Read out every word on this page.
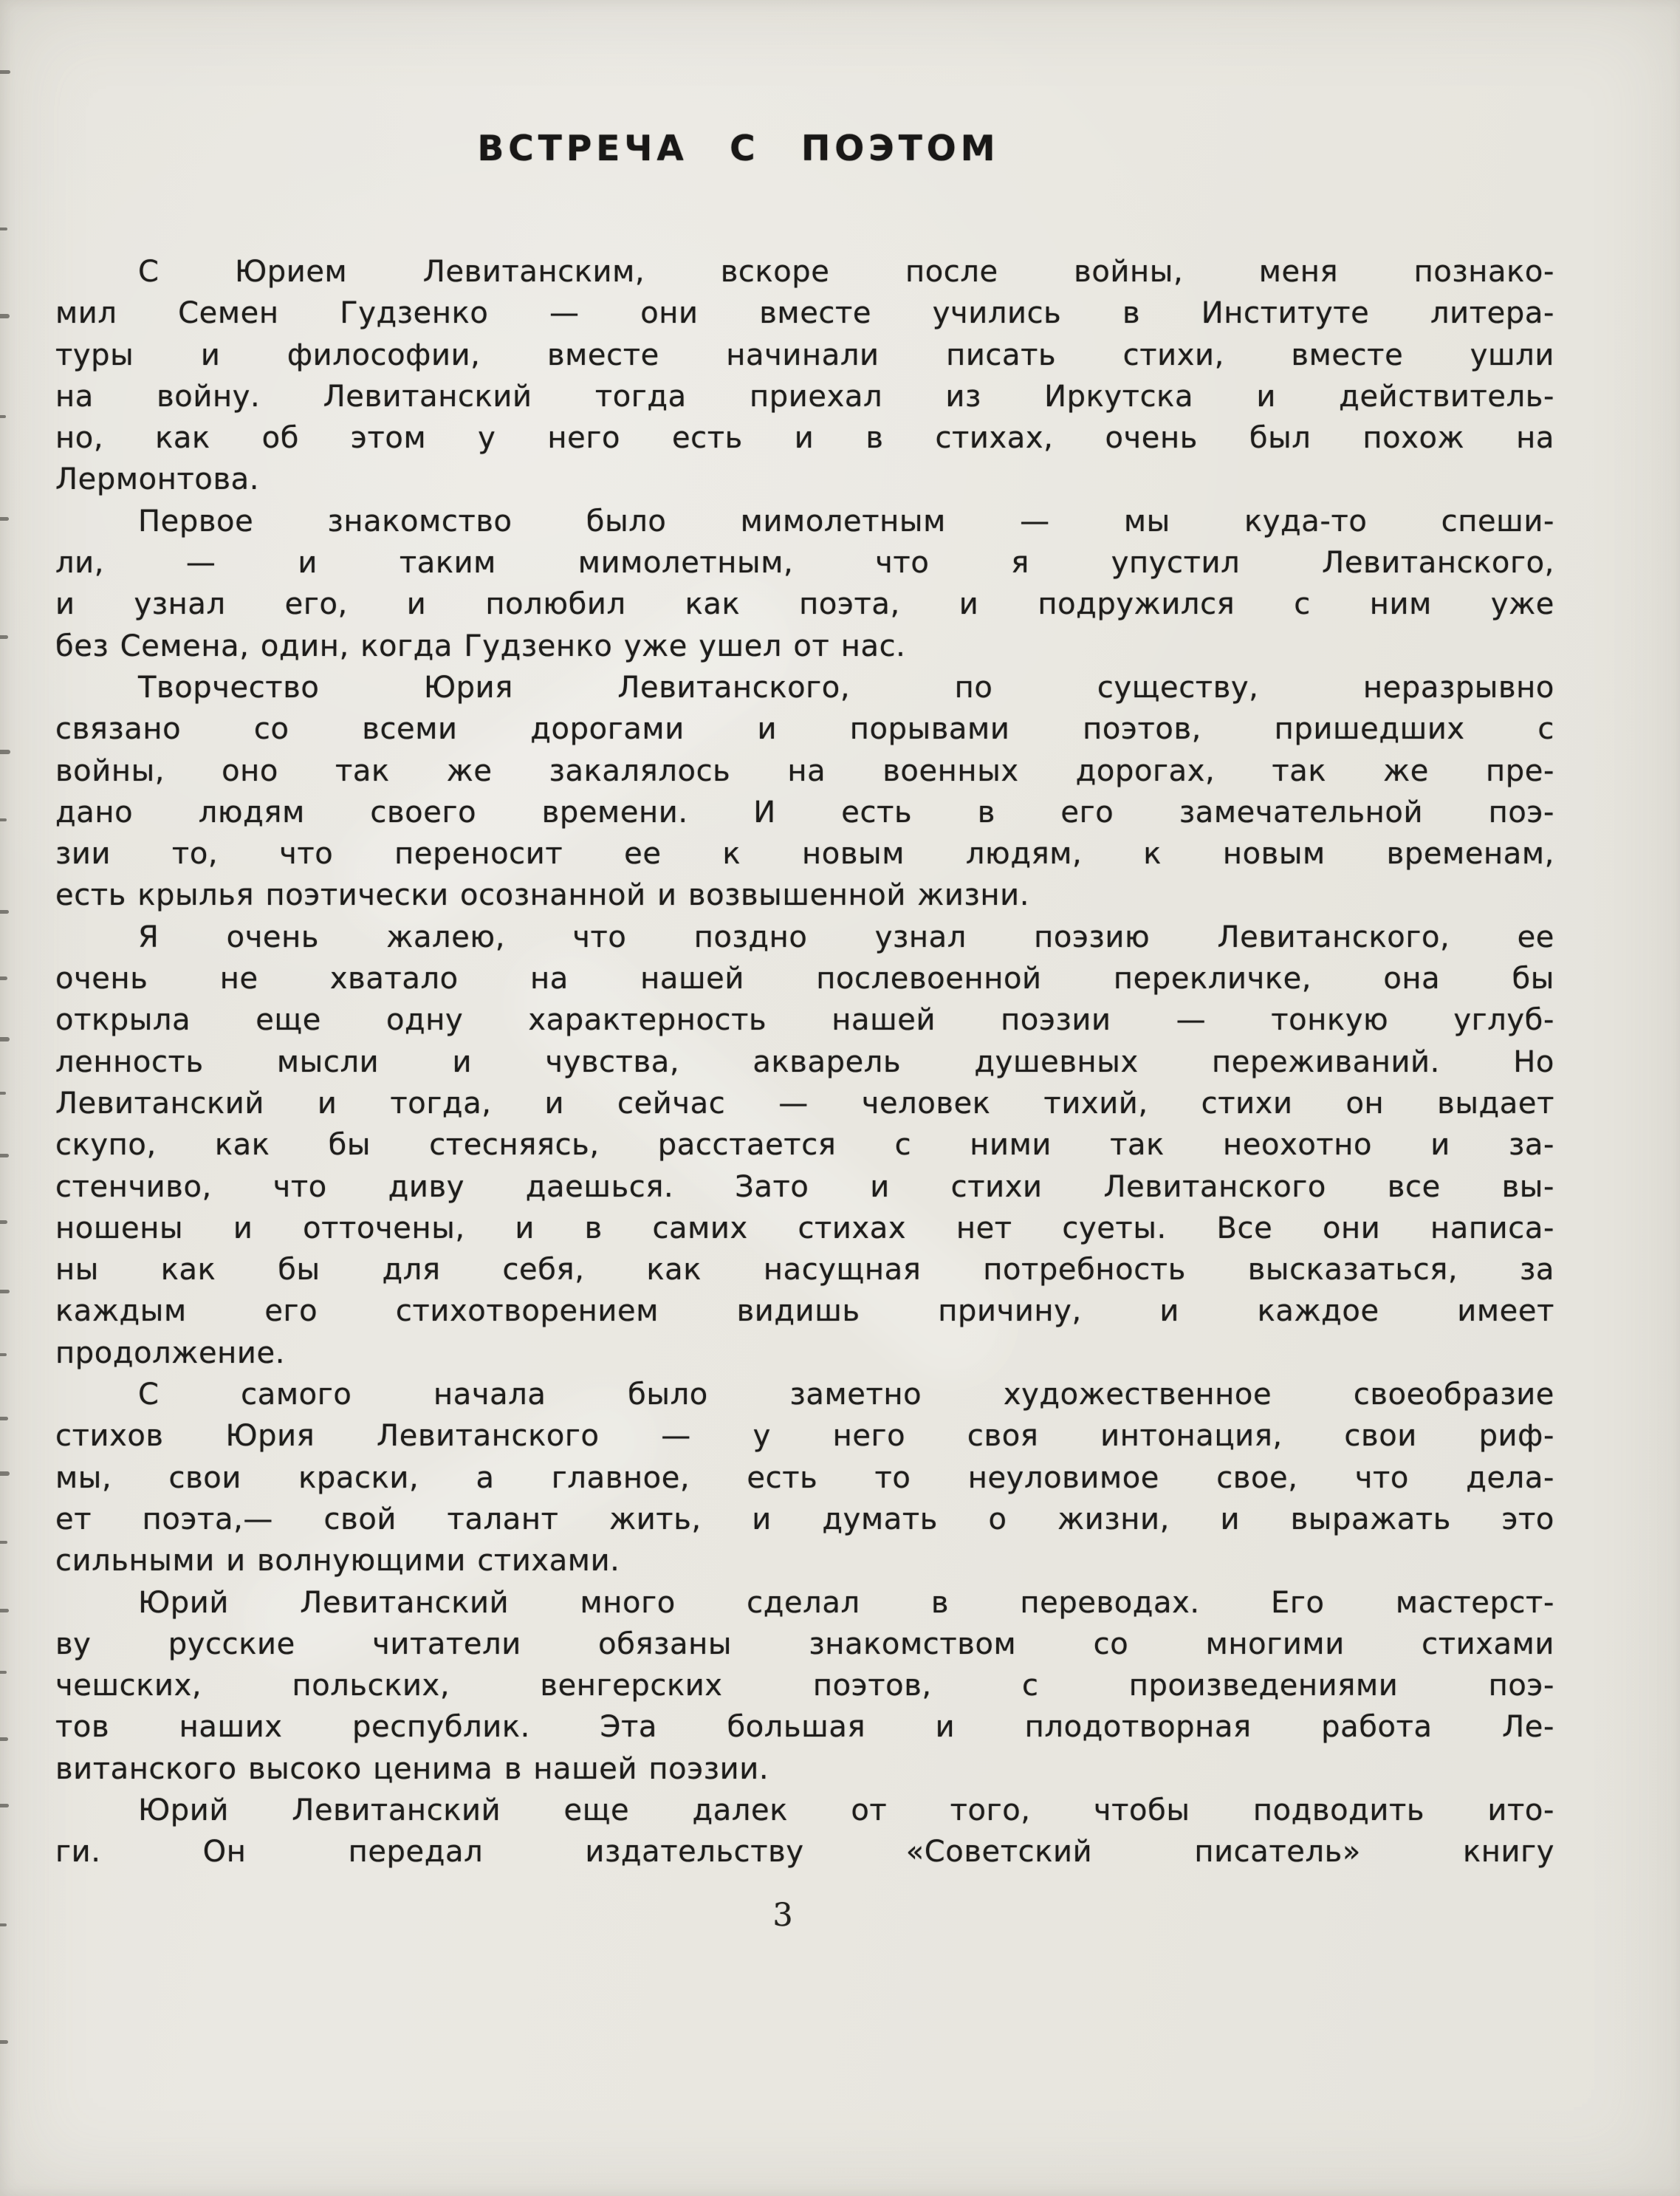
ВСТРЕЧА С ПОЭТОМ
С Юрием Левитанским, вскоре после войны, меня познако-
мил Семен Гудзенко — они вместе учились в Институте литера-
туры и философии, вместе начинали писать стихи, вместе ушли
на войну. Левитанский тогда приехал из Иркутска и действитель-
но, как об этом у него есть и в стихах, очень был похож на
Лермонтова.
Первое знакомство было мимолетным — мы куда-то спеши-
ли, — и таким мимолетным, что я упустил Левитанского,
и узнал его, и полюбил как поэта, и подружился с ним уже
без Семена, один, когда Гудзенко уже ушел от нас.
Творчество Юрия Левитанского, по существу, неразрывно
связано со всеми дорогами и порывами поэтов, пришедших с
войны, оно так же закалялось на военных дорогах, так же пре-
дано людям своего времени. И есть в его замечательной поэ-
зии то, что переносит ее к новым людям, к новым временам,
есть крылья поэтически осознанной и возвышенной жизни.
Я очень жалею, что поздно узнал поэзию Левитанского, ее
очень не хватало на нашей послевоенной перекличке, она бы
открыла еще одну характерность нашей поэзии — тонкую углуб-
ленность мысли и чувства, акварель душевных переживаний. Но
Левитанский и тогда, и сейчас — человек тихий, стихи он выдает
скупо, как бы стесняясь, расстается с ними так неохотно и за-
стенчиво, что диву даешься. Зато и стихи Левитанского все вы-
ношены и отточены, и в самих стихах нет суеты. Все они написа-
ны как бы для себя, как насущная потребность высказаться, за
каждым его стихотворением видишь причину, и каждое имеет
продолжение.
С самого начала было заметно художественное своеобразие
стихов Юрия Левитанского — у него своя интонация, свои риф-
мы, свои краски, а главное, есть то неуловимое свое, что дела-
ет поэта,— свой талант жить, и думать о жизни, и выражать это
сильными и волнующими стихами.
Юрий Левитанский много сделал в переводах. Его мастерст-
ву русские читатели обязаны знакомством со многими стихами
чешских, польских, венгерских поэтов, с произведениями поэ-
тов наших республик. Эта большая и плодотворная работа Ле-
витанского высоко ценима в нашей поэзии.
Юрий Левитанский еще далек от того, чтобы подводить ито-
ги. Он передал издательству «Советский писатель» книгу
3
